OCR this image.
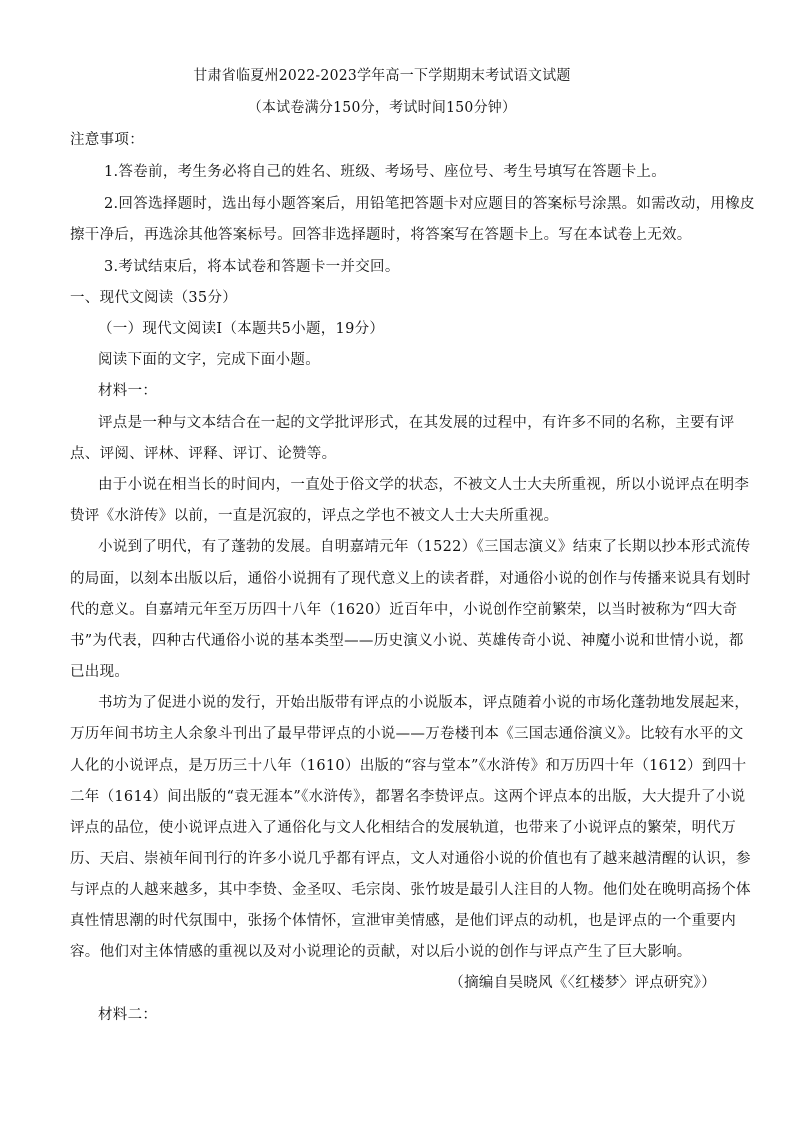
甘肃省临夏州2022-2023学年高一下学期期末考试语文试题
（本试卷满分150分，考试时间150分钟）
注意事项：
1.答卷前，考生务必将自己的姓名、班级、考场号、座位号、考生号填写在答题卡上。
2.回答选择题时，选出每小题答案后，用铅笔把答题卡对应题目的答案标号涂黑。如需改动，用橡皮
擦干净后，再选涂其他答案标号。回答非选择题时，将答案写在答题卡上。写在本试卷上无效。
3.考试结束后，将本试卷和答题卡一并交回。
一、现代文阅读（35分）
（一）现代文阅读Ⅰ（本题共5小题，19分）
阅读下面的文字，完成下面小题。
材料一：
评点是一种与文本结合在一起的文学批评形式，在其发展的过程中，有许多不同的名称，主要有评
点、评阅、评林、评释、评订、论赞等。
由于小说在相当长的时间内，一直处于俗文学的状态，不被文人士大夫所重视，所以小说评点在明李
贽评《水浒传》以前，一直是沉寂的，评点之学也不被文人士大夫所重视。
小说到了明代，有了蓬勃的发展。自明嘉靖元年（1522）《三国志演义》结束了长期以抄本形式流传
的局面，以刻本出版以后，通俗小说拥有了现代意义上的读者群，对通俗小说的创作与传播来说具有划时
代的意义。自嘉靖元年至万历四十八年（1620）近百年中，小说创作空前繁荣，以当时被称为“四大奇
书”为代表，四种古代通俗小说的基本类型——历史演义小说、英雄传奇小说、神魔小说和世情小说，都
已出现。
书坊为了促进小说的发行，开始出版带有评点的小说版本，评点随着小说的市场化蓬勃地发展起来，
万历年间书坊主人余象斗刊出了最早带评点的小说——万卷楼刊本《三国志通俗演义》。比较有水平的文
人化的小说评点，是万历三十八年（1610）出版的“容与堂本”《水浒传》和万历四十年（1612）到四十
二年（1614）间出版的“袁无涯本”《水浒传》，都署名李贽评点。这两个评点本的出版，大大提升了小说
评点的品位，使小说评点进入了通俗化与文人化相结合的发展轨道，也带来了小说评点的繁荣，明代万
历、天启、崇祯年间刊行的许多小说几乎都有评点，文人对通俗小说的价值也有了越来越清醒的认识，参
与评点的人越来越多，其中李贽、金圣叹、毛宗岗、张竹坡是最引人注目的人物。他们处在晚明高扬个体
真性情思潮的时代氛围中，张扬个体情怀，宣泄审美情感，是他们评点的动机，也是评点的一个重要内
容。他们对主体情感的重视以及对小说理论的贡献，对以后小说的创作与评点产生了巨大影响。
（摘编自吴晓风《〈红楼梦〉评点研究》）
材料二：
